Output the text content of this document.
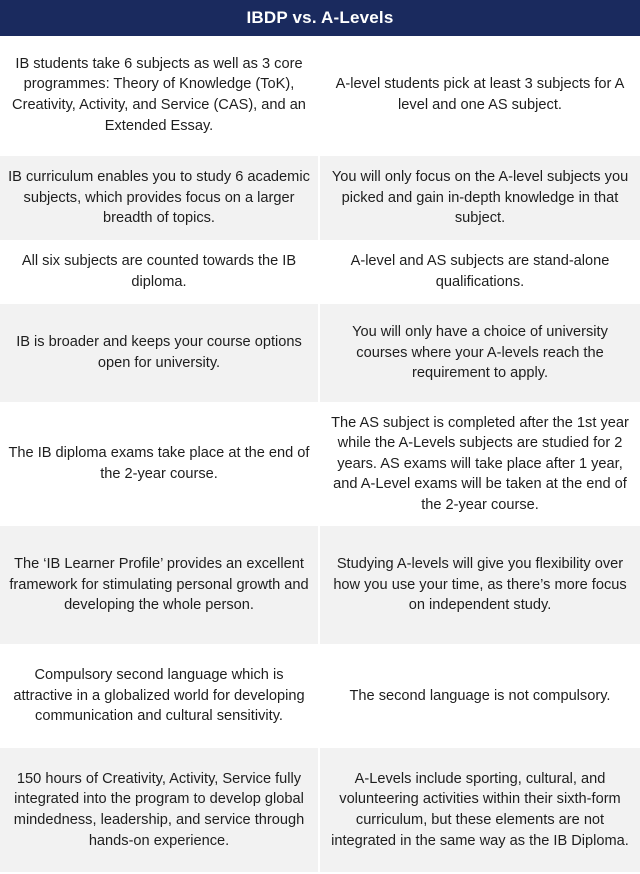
IBDP vs. A-Levels
IB students take 6 subjects as well as 3 core programmes: Theory of Knowledge (ToK), Creativity, Activity, and Service (CAS), and an Extended Essay.
A-level students pick at least 3 subjects for A level and one AS subject.
IB curriculum enables you to study 6 academic subjects, which provides focus on a larger breadth of topics.
You will only focus on the A-level subjects you picked and gain in-depth knowledge in that subject.
All six subjects are counted towards the IB diploma.
A-level and AS subjects are stand-alone qualifications.
IB is broader and keeps your course options open for university.
You will only have a choice of university courses where your A-levels reach the requirement to apply.
The IB diploma exams take place at the end of the 2-year course.
The AS subject is completed after the 1st year while the A-Levels subjects are studied for 2 years. AS exams will take place after 1 year, and A-Level exams will be taken at the end of the 2-year course.
The ‘IB Learner Profile’ provides an excellent framework for stimulating personal growth and developing the whole person.
Studying A-levels will give you flexibility over how you use your time, as there’s more focus on independent study.
Compulsory second language which is attractive in a globalized world for developing communication and cultural sensitivity.
The second language is not compulsory.
150 hours of Creativity, Activity, Service fully integrated into the program to develop global mindedness, leadership, and service through hands-on experience.
A-Levels include sporting, cultural, and volunteering activities within their sixth-form curriculum, but these elements are not integrated in the same way as the IB Diploma.
